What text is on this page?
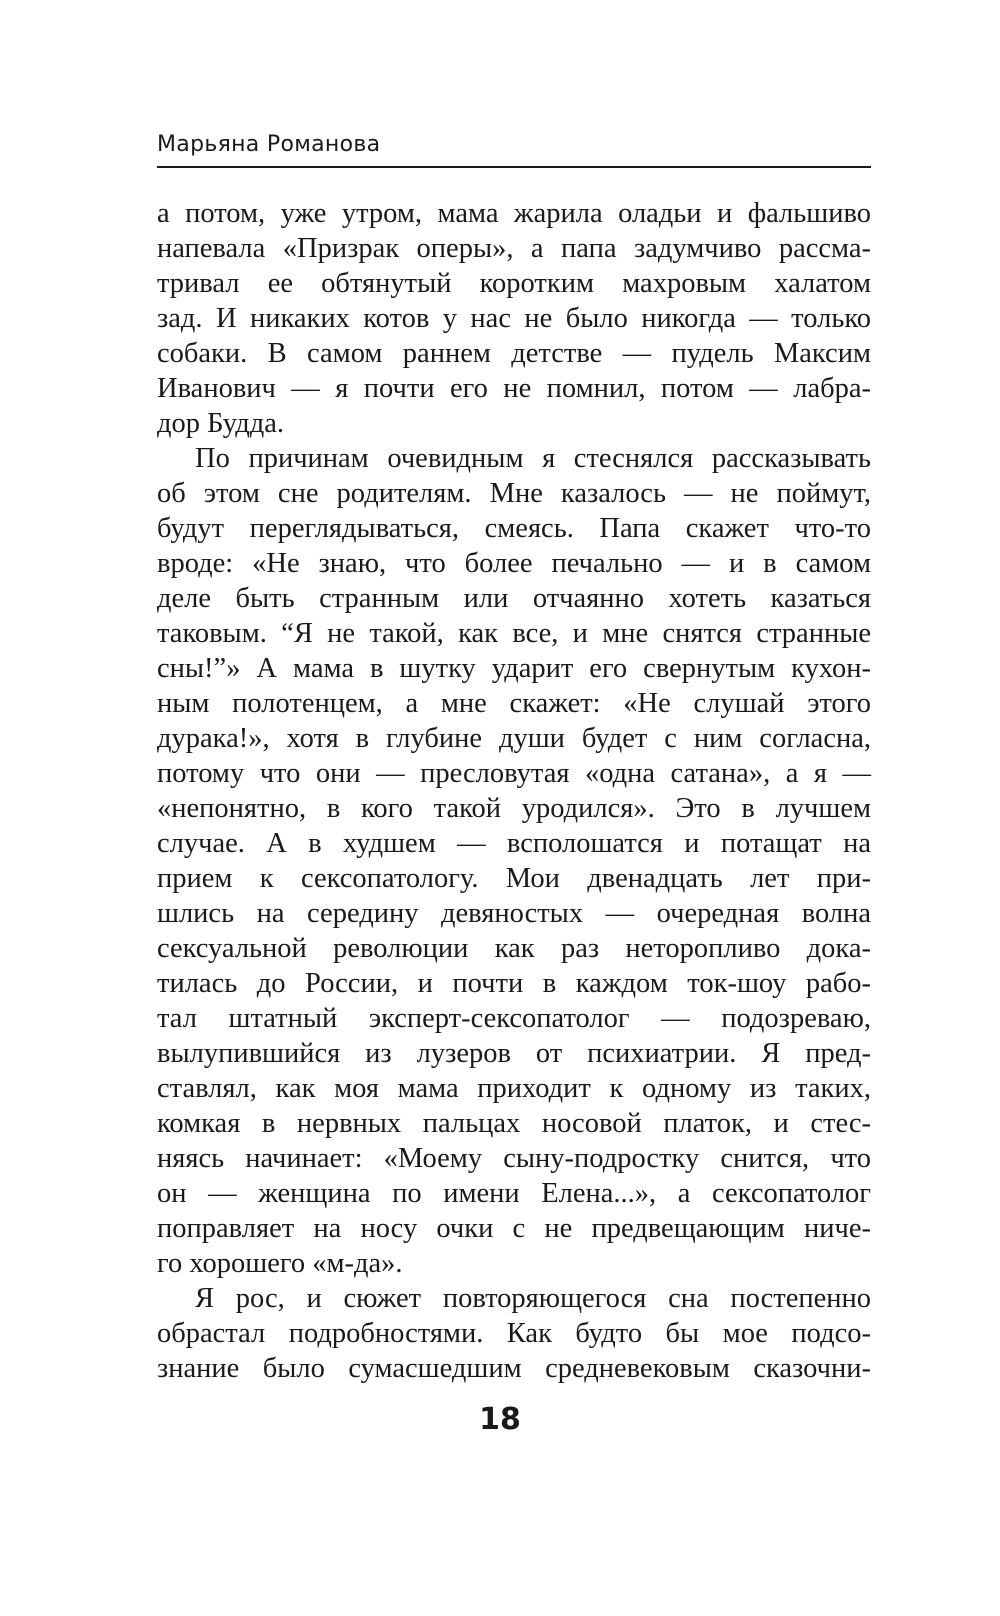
Марьяна Романова
а потом, уже утром, мама жарила оладьи и фальшиво
напевала «Призрак оперы», а папа задумчиво рассма-
тривал ее обтянутый коротким махровым халатом
зад. И никаких котов у нас не было никогда — только
собаки. В самом раннем детстве — пудель Максим
Иванович — я почти его не помнил, потом — лабра-
дор Будда.
По причинам очевидным я стеснялся рассказывать
об этом сне родителям. Мне казалось — не поймут,
будут переглядываться, смеясь. Папа скажет что-то
вроде: «Не знаю, что более печально — и в самом
деле быть странным или отчаянно хотеть казаться
таковым. “Я не такой, как все, и мне снятся странные
сны!”» А мама в шутку ударит его свернутым кухон-
ным полотенцем, а мне скажет: «Не слушай этого
дурака!», хотя в глубине души будет с ним согласна,
потому что они — пресловутая «одна сатана», а я —
«непонятно, в кого такой уродился». Это в лучшем
случае. А в худшем — всполошатся и потащат на
прием к сексопатологу. Мои двенадцать лет при-
шлись на середину девяностых — очередная волна
сексуальной революции как раз неторопливо дока-
тилась до России, и почти в каждом ток-шоу рабо-
тал штатный эксперт-сексопатолог — подозреваю,
вылупившийся из лузеров от психиатрии. Я пред-
ставлял, как моя мама приходит к одному из таких,
комкая в нервных пальцах носовой платок, и стес-
няясь начинает: «Моему сыну-подростку снится, что
он — женщина по имени Елена...», а сексопатолог
поправляет на носу очки с не предвещающим ниче-
го хорошего «м-да».
Я рос, и сюжет повторяющегося сна постепенно
обрастал подробностями. Как будто бы мое подсо-
знание было сумасшедшим средневековым сказочни-
18
